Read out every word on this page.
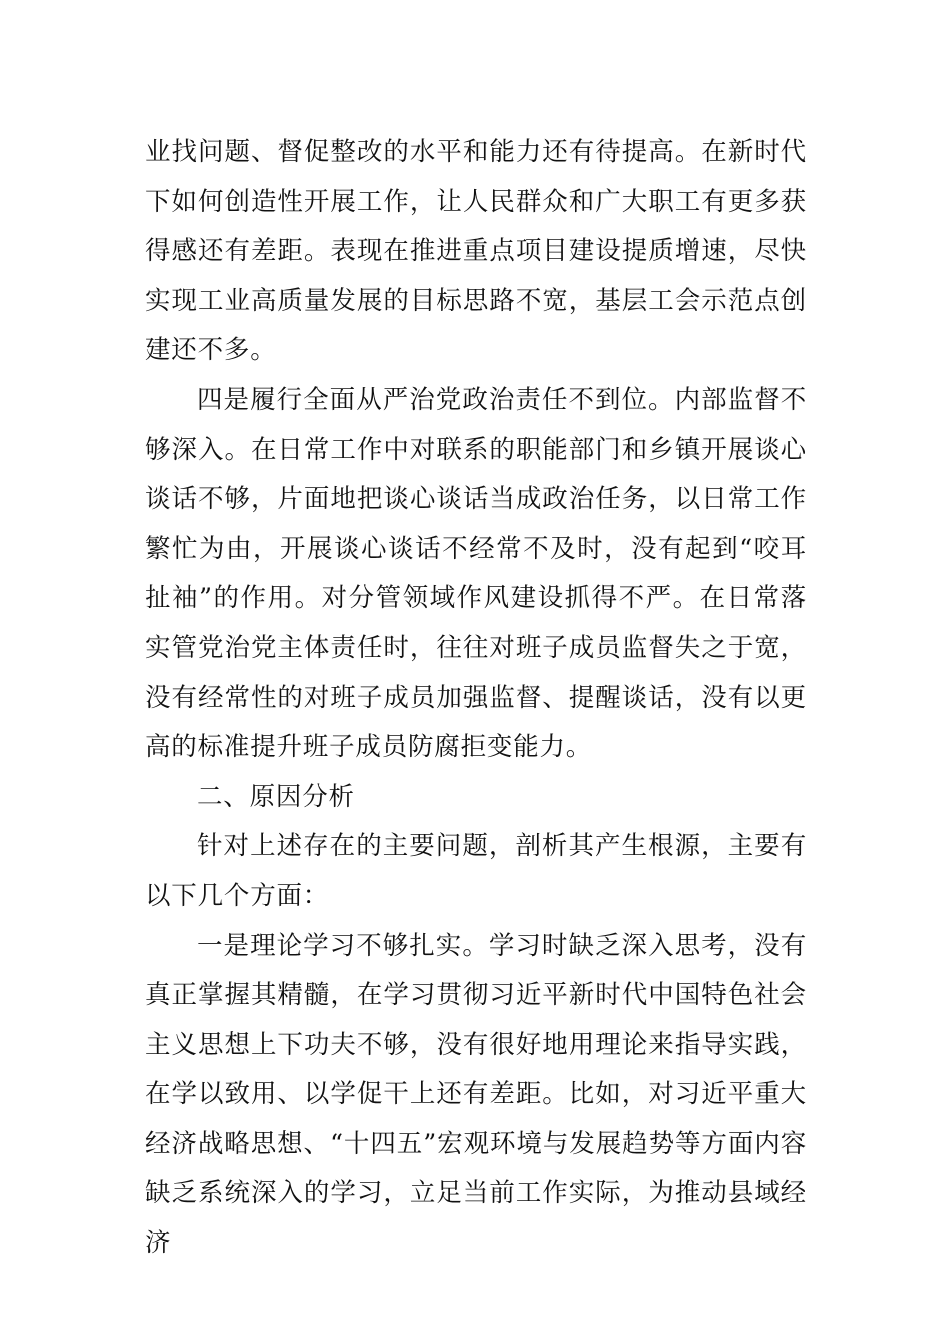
业找问题、督促整改的水平和能力还有待提高。在新时代下如何创造性开展工作，让人民群众和广大职工有更多获得感还有差距。表现在推进重点项目建设提质增速，尽快实现工业高质量发展的目标思路不宽，基层工会示范点创建还不多。

四是履行全面从严治党政治责任不到位。内部监督不够深入。在日常工作中对联系的职能部门和乡镇开展谈心谈话不够，片面地把谈心谈话当成政治任务，以日常工作繁忙为由，开展谈心谈话不经常不及时，没有起到“咬耳扯袖”的作用。对分管领域作风建设抓得不严。在日常落实管党治党主体责任时，往往对班子成员监督失之于宽，没有经常性的对班子成员加强监督、提醒谈话，没有以更高的标准提升班子成员防腐拒变能力。

二、原因分析

针对上述存在的主要问题，剖析其产生根源，主要有以下几个方面：

一是理论学习不够扎实。学习时缺乏深入思考，没有真正掌握其精髓，在学习贯彻习近平新时代中国特色社会主义思想上下功夫不够，没有很好地用理论来指导实践，在学以致用、以学促干上还有差距。比如，对习近平重大经济战略思想、“十四五”宏观环境与发展趋势等方面内容缺乏系统深入的学习，立足当前工作实际，为推动县域经济
